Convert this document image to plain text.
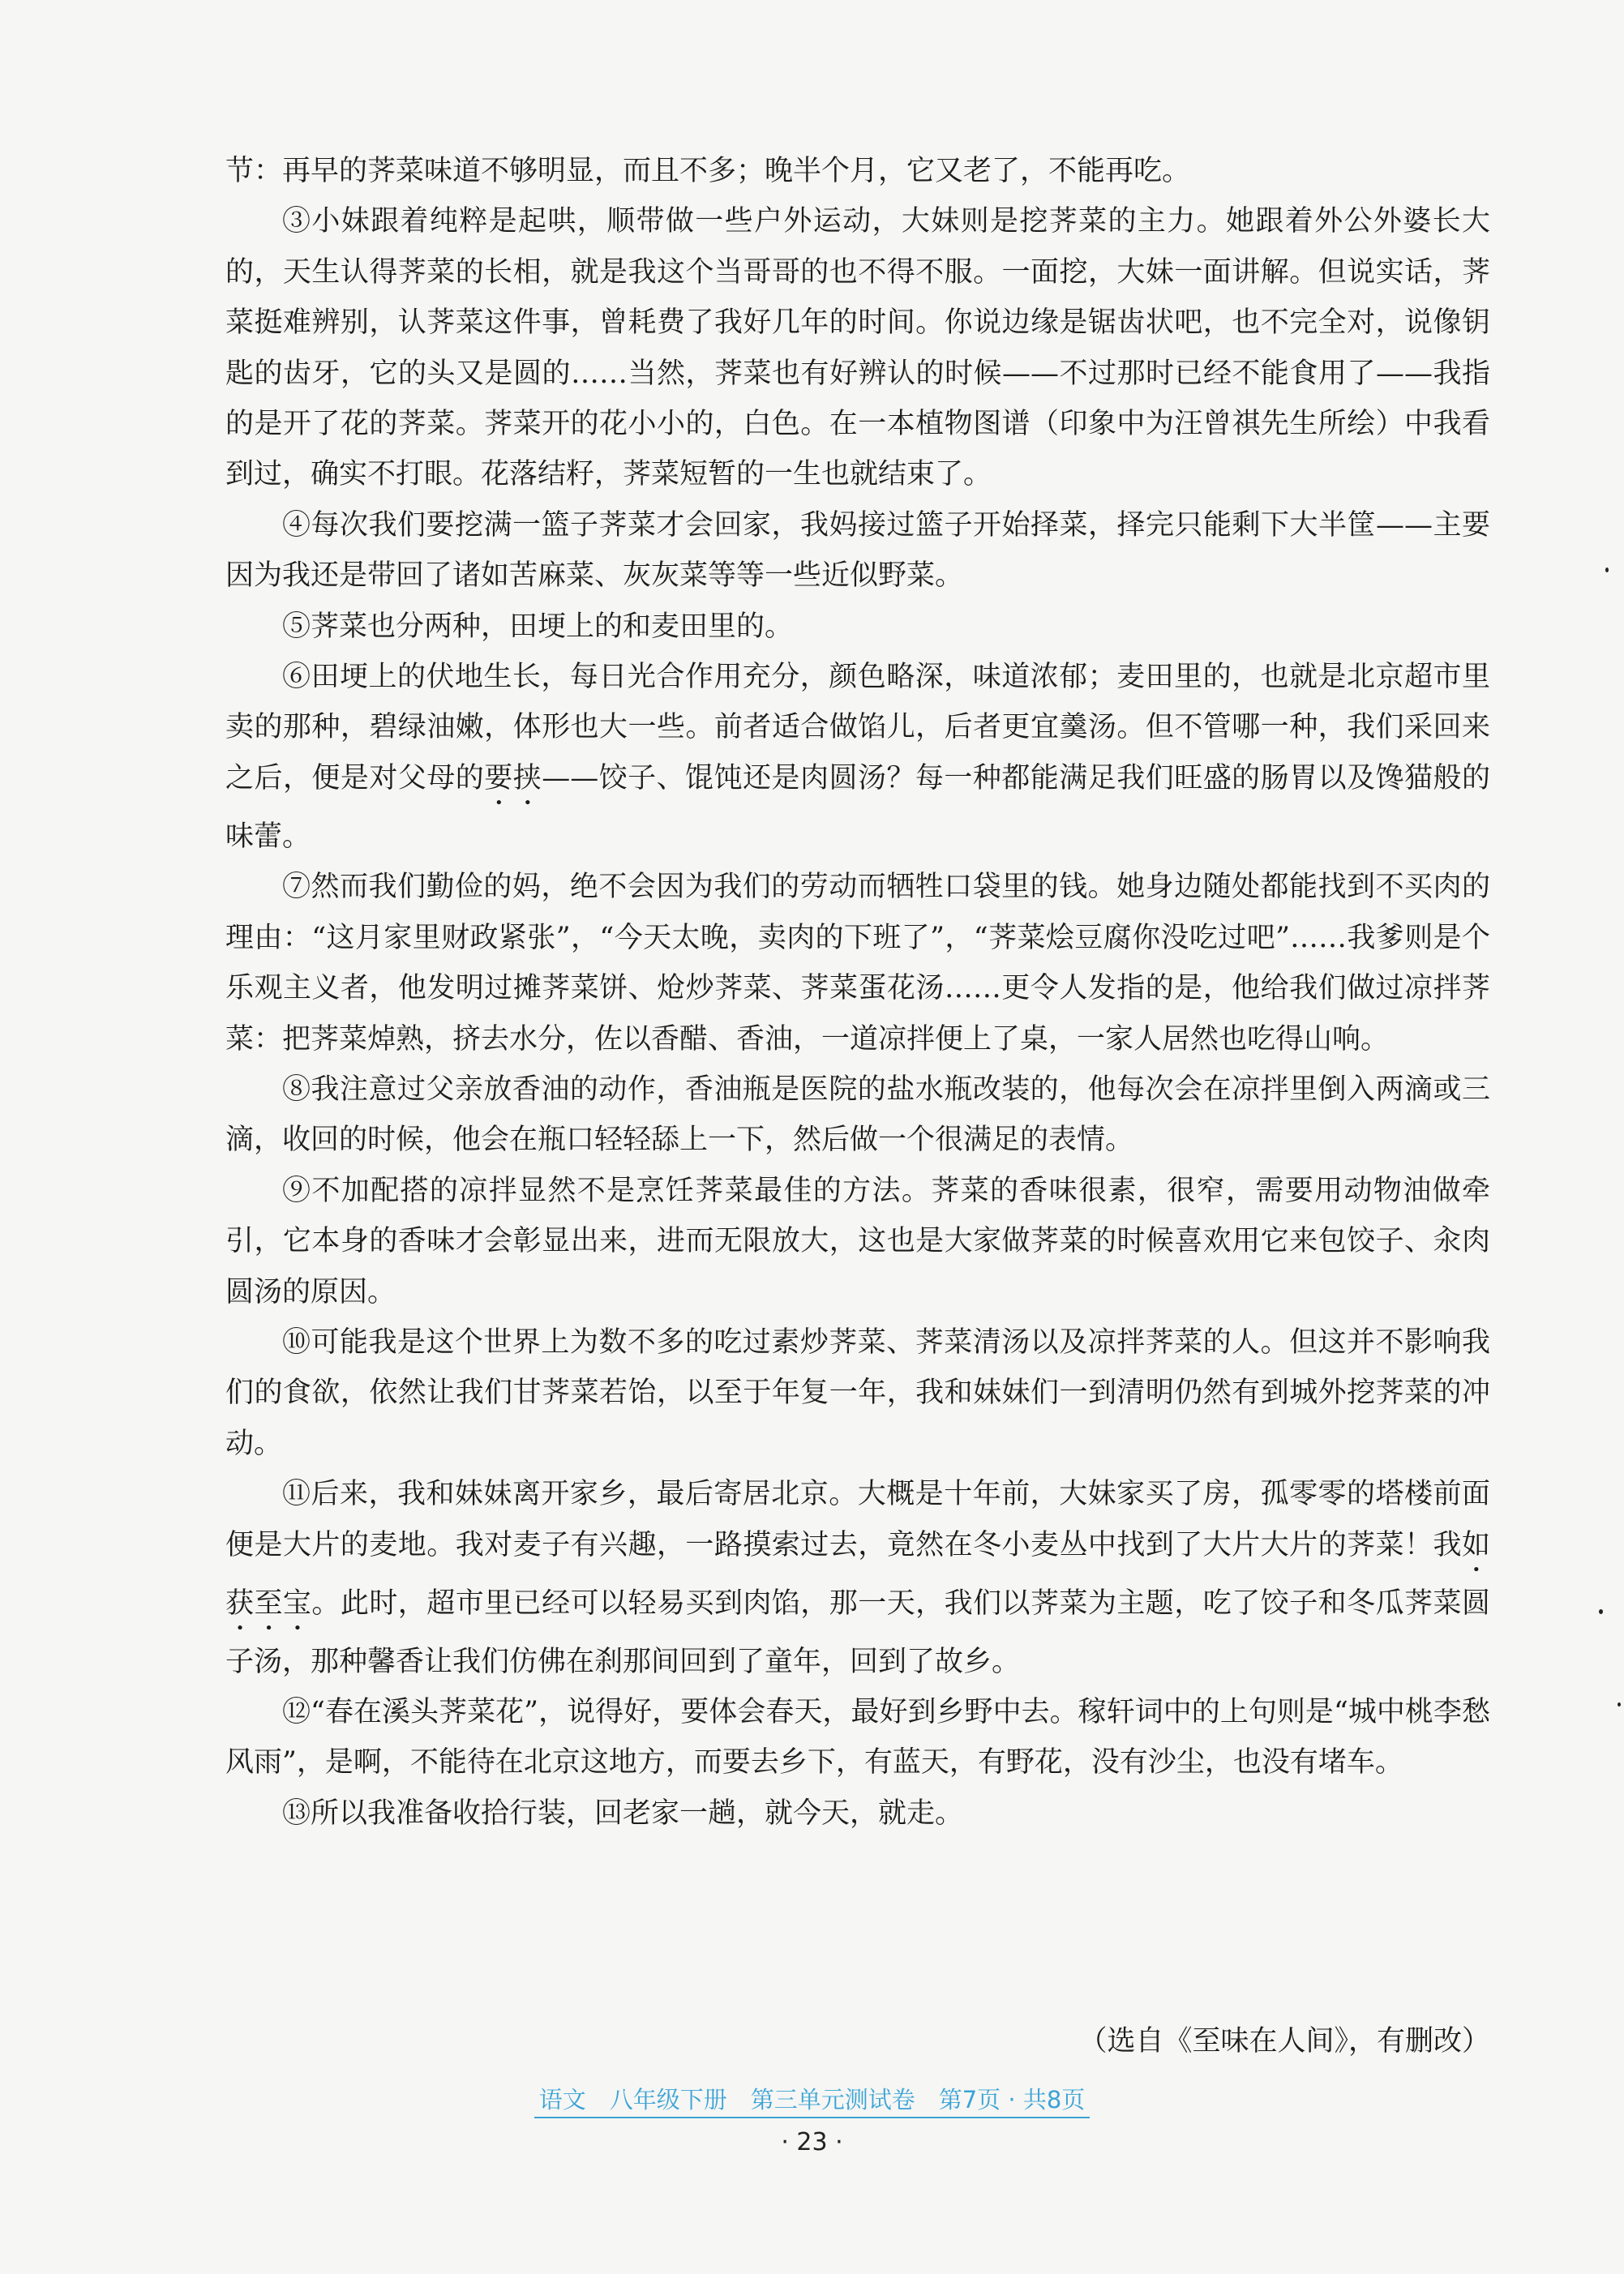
节：再早的荠菜味道不够明显，而且不多；晚半个月，它又老了，不能再吃。

③小妹跟着纯粹是起哄，顺带做一些户外运动，大妹则是挖荠菜的主力。她跟着外公外婆长大的，天生认得荠菜的长相，就是我这个当哥哥的也不得不服。一面挖，大妹一面讲解。但说实话，荠菜挺难辨别，认荠菜这件事，曾耗费了我好几年的时间。你说边缘是锯齿状吧，也不完全对，说像钥匙的齿牙，它的头又是圆的……当然，荠菜也有好辨认的时候——不过那时已经不能食用了——我指的是开了花的荠菜。荠菜开的花小小的，白色。在一本植物图谱（印象中为汪曾祺先生所绘）中我看到过，确实不打眼。花落结籽，荠菜短暂的一生也就结束了。

④每次我们要挖满一篮子荠菜才会回家，我妈接过篮子开始择菜，择完只能剩下大半筐——主要因为我还是带回了诸如苦麻菜、灰灰菜等等一些近似野菜。

⑤荠菜也分两种，田埂上的和麦田里的。

⑥田埂上的伏地生长，每日光合作用充分，颜色略深，味道浓郁；麦田里的，也就是北京超市里卖的那种，碧绿油嫩，体形也大一些。前者适合做馅儿，后者更宜羹汤。但不管哪一种，我们采回来之后，便是对父母的要挟——饺子、馄饨还是肉圆汤？每一种都能满足我们旺盛的肠胃以及馋猫般的味蕾。

⑦然而我们勤俭的妈，绝不会因为我们的劳动而牺牲口袋里的钱。她身边随处都能找到不买肉的理由：“这月家里财政紧张”，“今天太晚，卖肉的下班了”，“荠菜烩豆腐你没吃过吧”……我爹则是个乐观主义者，他发明过摊荠菜饼、炝炒荠菜、荠菜蛋花汤……更令人发指的是，他给我们做过凉拌荠菜：把荠菜焯熟，挤去水分，佐以香醋、香油，一道凉拌便上了桌，一家人居然也吃得山响。

⑧我注意过父亲放香油的动作，香油瓶是医院的盐水瓶改装的，他每次会在凉拌里倒入两滴或三滴，收回的时候，他会在瓶口轻轻舔上一下，然后做一个很满足的表情。

⑨不加配搭的凉拌显然不是烹饪荠菜最佳的方法。荠菜的香味很素，很窄，需要用动物油做牵引，它本身的香味才会彰显出来，进而无限放大，这也是大家做荠菜的时候喜欢用它来包饺子、汆肉圆汤的原因。

⑩可能我是这个世界上为数不多的吃过素炒荠菜、荠菜清汤以及凉拌荠菜的人。但这并不影响我们的食欲，依然让我们甘荠菜若饴，以至于年复一年，我和妹妹们一到清明仍然有到城外挖荠菜的冲动。

⑪后来，我和妹妹离开家乡，最后寄居北京。大概是十年前，大妹家买了房，孤零零的塔楼前面便是大片的麦地。我对麦子有兴趣，一路摸索过去，竟然在冬小麦丛中找到了大片大片的荠菜！我如获至宝。此时，超市里已经可以轻易买到肉馅，那一天，我们以荠菜为主题，吃了饺子和冬瓜荠菜圆子汤，那种馨香让我们仿佛在刹那间回到了童年，回到了故乡。

⑫“春在溪头荠菜花”，说得好，要体会春天，最好到乡野中去。稼轩词中的上句则是“城中桃李愁风雨”，是啊，不能待在北京这地方，而要去乡下，有蓝天，有野花，没有沙尘，也没有堵车。

⑬所以我准备收拾行装，回老家一趟，就今天，就走。

（选自《至味在人间》，有删改）
语文　八年级下册　第三单元测试卷　第7页 · 共8页
· 23 ·
